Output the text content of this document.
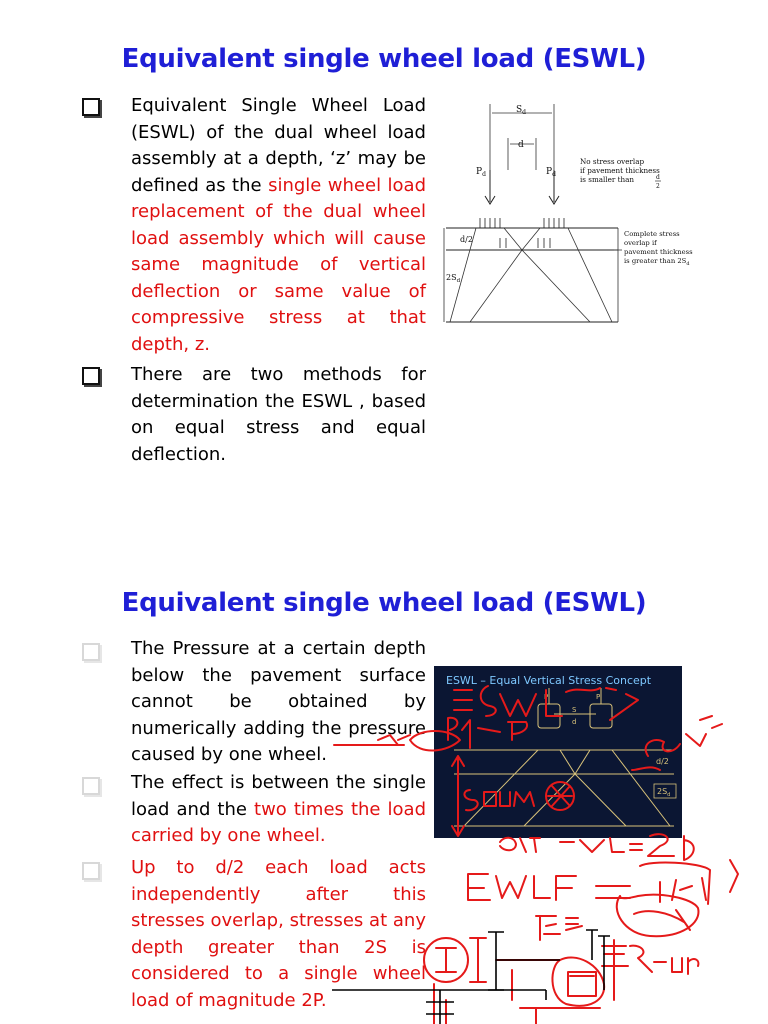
Equivalent single wheel load (ESWL)

Equivalent Single Wheel Load (ESWL) of the dual wheel load assembly at a depth, ‘z’ may be defined as the single wheel load replacement of the dual wheel load assembly which will cause same magnitude of vertical deflection or same value of compressive stress at that depth, z.

There are two methods for determination the ESWL , based on equal stress and equal deflection.

$S_d$
d
$P_d$	$P_d$
d/2
$2S_d$
No stress overlap
if pavement thickness
is smaller than	d
2
Complete stress
overlap if
pavement thickness
is greater than $2S_d$
Equivalent single wheel load (ESWL)

The Pressure at a certain depth below the pavement surface cannot be obtained by numerically adding the pressure caused by one wheel.

The effect is between the single load and the two times the load carried by one wheel.

Up to d/2 each load acts independently after this stresses overlap, stresses at any depth greater than 2S is considered to a single wheel load of magnitude 2P.

ESWL – Equal Vertical Stress Concept
P	P
S
d
d/2
$2S_d$
